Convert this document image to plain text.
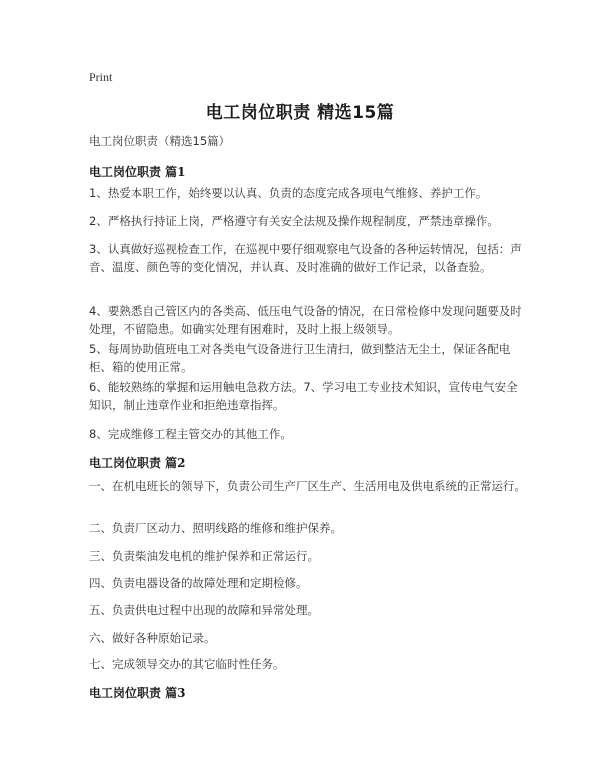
Print
电工岗位职责 精选15篇
电工岗位职责（精选15篇）
电工岗位职责 篇1
1、热爱本职工作，始终要以认真、负责的态度完成各项电气维修、养护工作。
2、严格执行持证上岗，严格遵守有关安全法规及操作规程制度，严禁违章操作。
3、认真做好巡视检查工作，在巡视中要仔细观察电气设备的各种运转情况，包括：声音、温度、颜色等的变化情况，并认真、及时准确的做好工作记录，以备查验。
4、要熟悉自己管区内的各类高、低压电气设备的情况，在日常检修中发现问题要及时处理，不留隐患。如确实处理有困难时，及时上报上级领导。
5、每周协助值班电工对各类电气设备进行卫生清扫，做到整洁无尘土，保证各配电柜、箱的使用正常。
6、能较熟练的掌握和运用触电急救方法。7、学习电工专业技术知识，宣传电气安全知识，制止违章作业和拒绝违章指挥。
8、完成维修工程主管交办的其他工作。
电工岗位职责 篇2
一、在机电班长的领导下，负责公司生产厂区生产、生活用电及供电系统的正常运行。
二、负责厂区动力、照明线路的维修和维护保养。
三、负责柴油发电机的维护保养和正常运行。
四、负责电器设备的故障处理和定期检修。
五、负责供电过程中出现的故障和异常处理。
六、做好各种原始记录。
七、完成领导交办的其它临时性任务。
电工岗位职责 篇3
